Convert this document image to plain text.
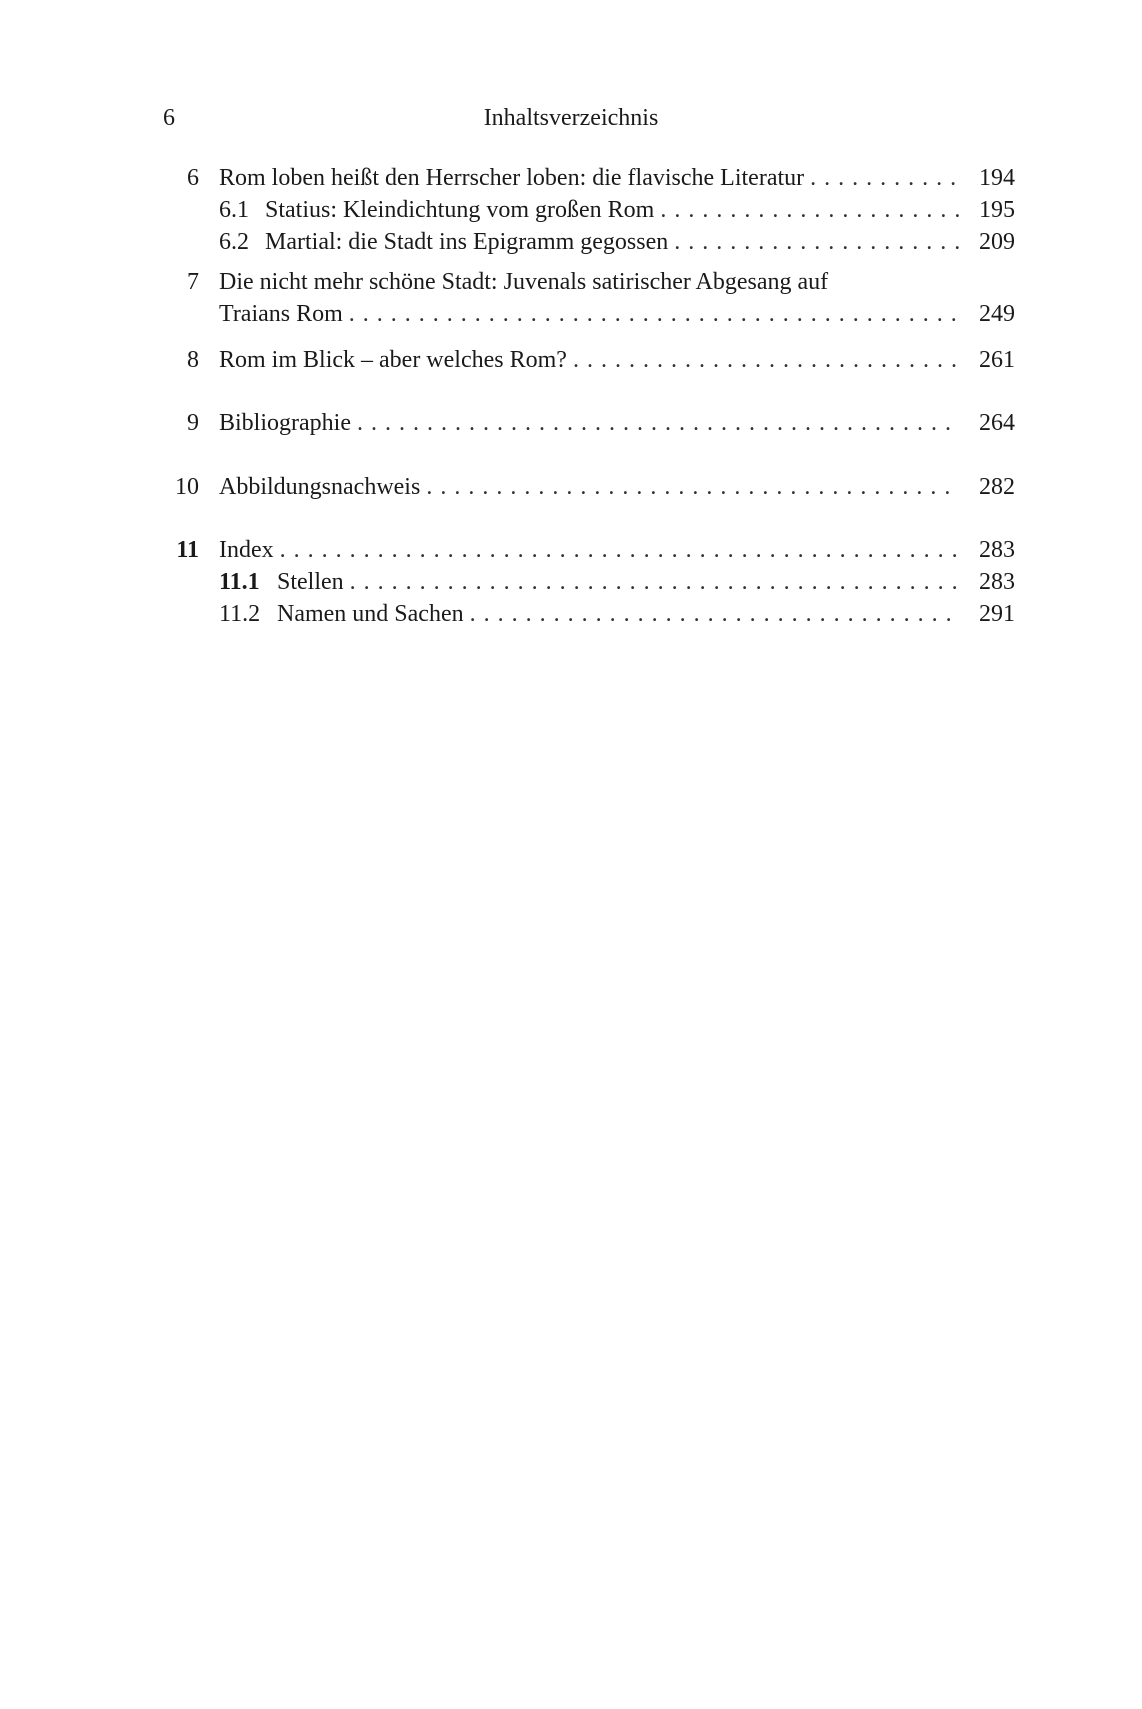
6	Inhaltsverzeichnis
6 Rom loben heißt den Herrscher loben: die flavische Literatur . . .	194
6.1 Statius: Kleindichtung vom großen Rom . . .	195
6.2 Martial: die Stadt ins Epigramm gegossen . . .	209
7 Die nicht mehr schöne Stadt: Juvenals satirischer Abgesang auf
Traians Rom . . .	249
8 Rom im Blick – aber welches Rom? . . .	261
9 Bibliographie . . .	264
10 Abbildungsnachweis . . .	282
11 Index . . .	283
11.1 Stellen . . .	283
11.2 Namen und Sachen . . .	291
